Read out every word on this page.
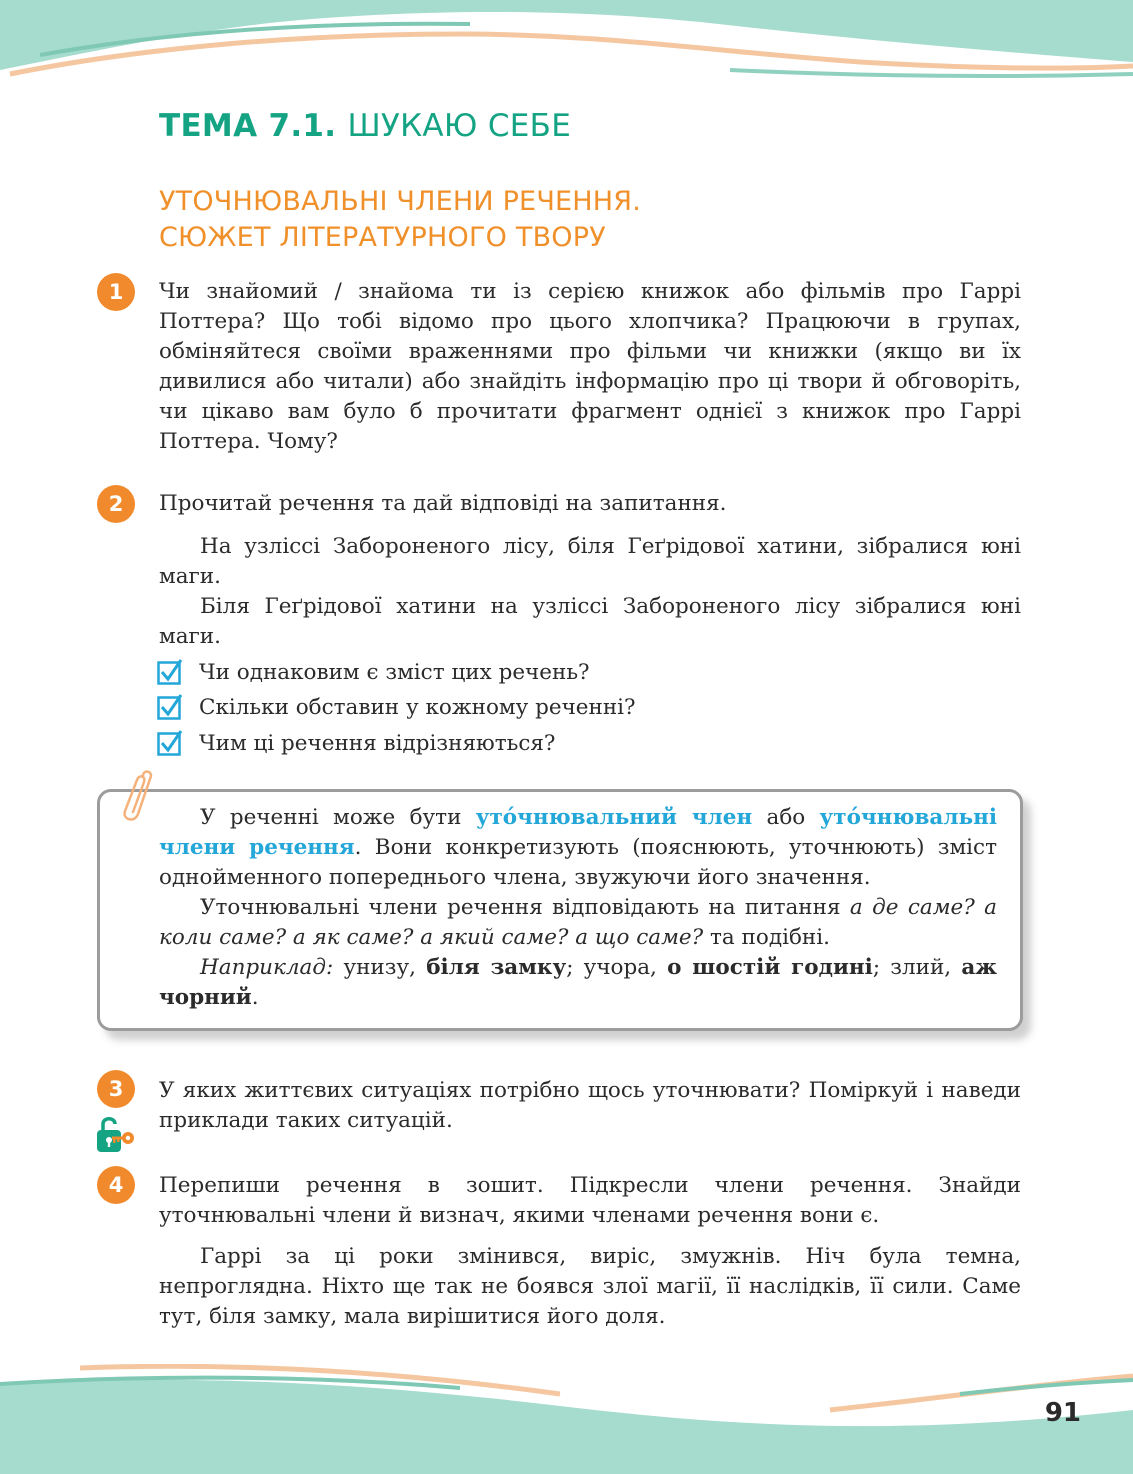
ТЕМА 7.1. ШУКАЮ СЕБЕ
УТОЧНЮВАЛЬНІ ЧЛЕНИ РЕЧЕННЯ.
СЮЖЕТ ЛІТЕРАТУРНОГО ТВОРУ
1	Чи знайомий / знайома ти із серією книжок або фільмів про Гаррі Поттера? Що тобі відомо про цього хлопчика? Працюючи в групах, обміняйтеся своїми враженнями про фільми чи книжки (якщо ви їх дивилися або читали) або знайдіть інформацію про ці твори й обговоріть, чи цікаво вам було б прочитати фрагмент однієї з книжок про Гаррі Поттера. Чому?
2	Прочитай речення та дай відповіді на запитання.
На узліссі Забороненого лісу, біля Геґрідової хатини, зібралися юні маги.
Біля Геґрідової хатини на узліссі Забороненого лісу зібралися юні маги.
Чи однаковим є зміст цих речень?
Скільки обставин у кожному реченні?
Чим ці речення відрізняються?

У реченні може бути уто́чнювальний член або уто́чнювальні члени речення. Вони конкретизують (пояснюють, уточнюють) зміст однойменного попереднього члена, звужуючи його значення.

Уточнювальні члени речення відповідають на питання а де саме? а коли саме? а як саме? а який саме? а що саме? та подібні.

Наприклад: унизу, біля замку; учора, о шостій годині; злий, аж чорний.

3	У яких життєвих ситуаціях потрібно щось уточнювати? Поміркуй і наведи приклади таких ситуацій.
4	Перепиши речення в зошит. Підкресли члени речення. Знайди уточнювальні члени й визнач, якими членами речення вони є.
Гаррі за ці роки змінився, виріс, змужнів. Ніч була темна, непроглядна. Ніхто ще так не боявся злої магії, її наслідків, її сили. Саме тут, біля замку, мала вирішитися його доля.
91
